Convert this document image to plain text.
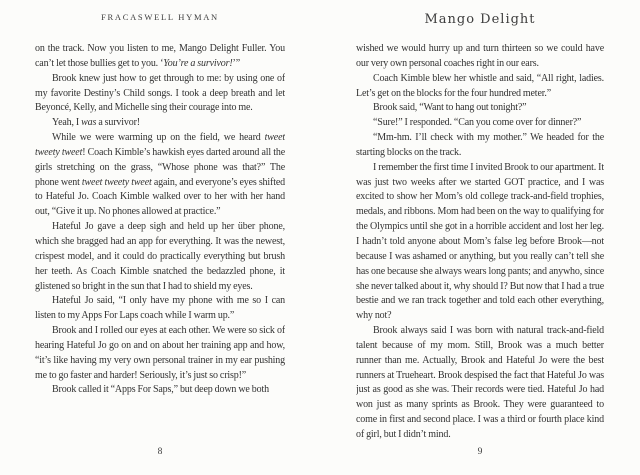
FRACASWELL HYMAN

on the track. Now you listen to me, Mango Delight Fuller. You can’t let those bullies get to you. ‘You’re a survivor!’”

Brook knew just how to get through to me: by using one of my favorite Destiny’s Child songs. I took a deep breath and let Beyoncé, Kelly, and Michelle sing their courage into me.

Yeah, I was a survivor!

While we were warming up on the field, we heard tweet tweety tweet! Coach Kimble’s hawkish eyes darted around all the girls stretching on the grass, “Whose phone was that?” The phone went tweet tweety tweet again, and everyone’s eyes shifted to Hateful Jo. Coach Kimble walked over to her with her hand out, “Give it up. No phones allowed at practice.”

Hateful Jo gave a deep sigh and held up her über phone, which she bragged had an app for everything. It was the newest, crispest model, and it could do practically everything but brush her teeth. As Coach Kimble snatched the bedazzled phone, it glistened so bright in the sun that I had to shield my eyes.

Hateful Jo said, “I only have my phone with me so I can listen to my Apps For Laps coach while I warm up.”

Brook and I rolled our eyes at each other. We were so sick of hearing Hateful Jo go on and on about her training app and how, “it’s like having my very own personal trainer in my ear pushing me to go faster and harder! Seriously, it’s just so crisp!”

Brook called it “Apps For Saps,” but deep down we both

8
Mango Delight

wished we would hurry up and turn thirteen so we could have our very own personal coaches right in our ears.

Coach Kimble blew her whistle and said, “All right, ladies. Let’s get on the blocks for the four hundred meter.”

Brook said, “Want to hang out tonight?”

“Sure!” I responded. “Can you come over for dinner?”

“Mm-hm. I’ll check with my mother.” We headed for the starting blocks on the track.

I remember the first time I invited Brook to our apartment. It was just two weeks after we started GOT practice, and I was excited to show her Mom’s old college track-and-field trophies, medals, and ribbons. Mom had been on the way to qualifying for the Olympics until she got in a horrible accident and lost her leg. I hadn’t told anyone about Mom’s false leg before Brook—not because I was ashamed or anything, but you really can’t tell she has one because she always wears long pants; and anywho, since she never talked about it, why should I? But now that I had a true bestie and we ran track together and told each other everything, why not?

Brook always said I was born with natural track-and-field talent because of my mom. Still, Brook was a much better runner than me. Actually, Brook and Hateful Jo were the best runners at Trueheart. Brook despised the fact that Hateful Jo was just as good as she was. Their records were tied. Hateful Jo had won just as many sprints as Brook. They were guaranteed to come in first and second place. I was a third or fourth place kind of girl, but I didn’t mind.

9
